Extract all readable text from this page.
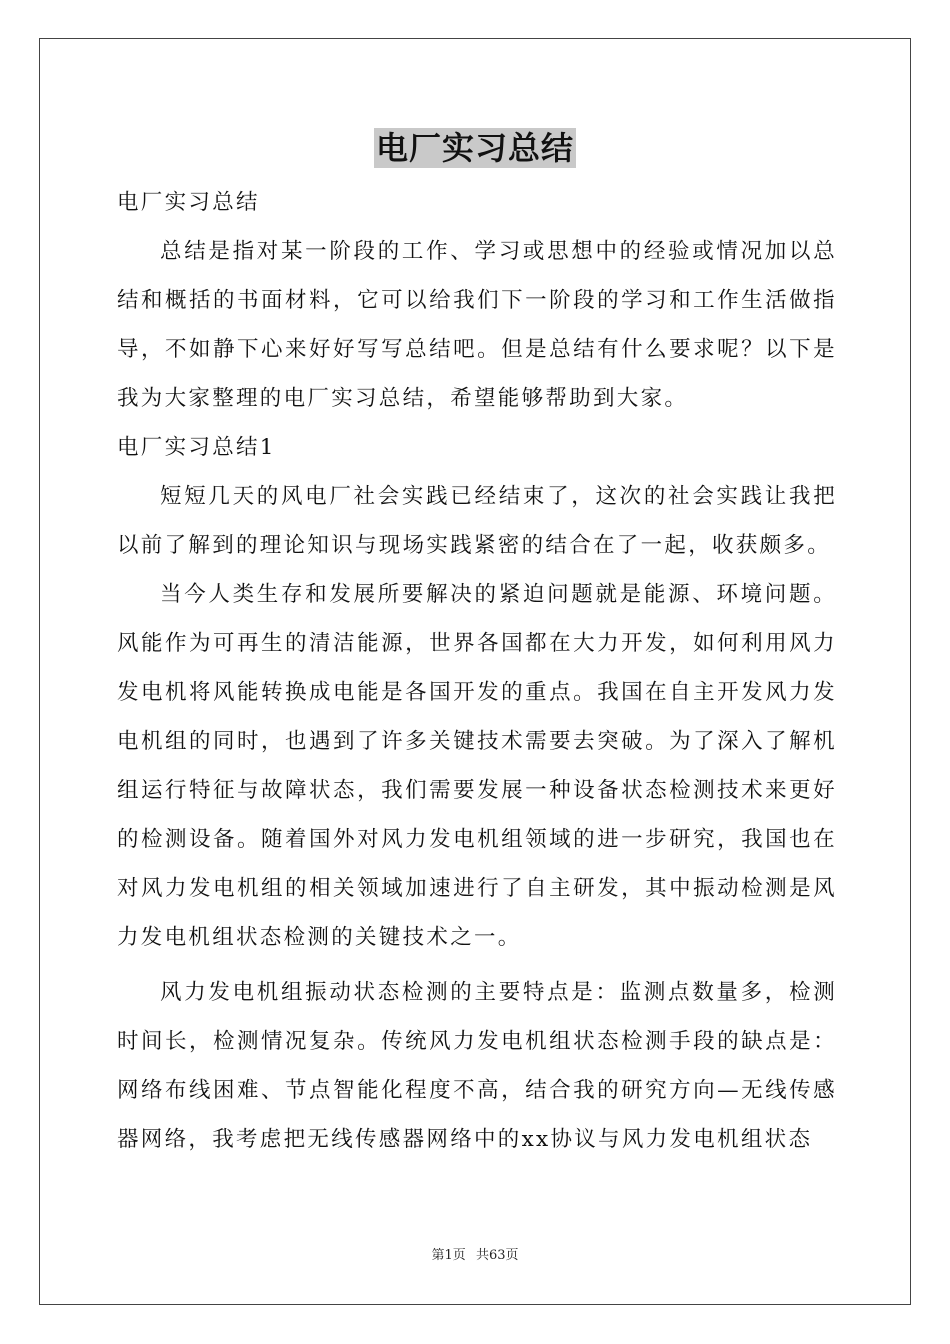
电厂实习总结

电厂实习总结

总结是指对某一阶段的工作、学习或思想中的经验或情况加以总结和概括的书面材料，它可以给我们下一阶段的学习和工作生活做指导，不如静下心来好好写写总结吧。但是总结有什么要求呢？以下是我为大家整理的电厂实习总结，希望能够帮助到大家。

电厂实习总结1

短短几天的风电厂社会实践已经结束了，这次的社会实践让我把以前了解到的理论知识与现场实践紧密的结合在了一起，收获颇多。

当今人类生存和发展所要解决的紧迫问题就是能源、环境问题。风能作为可再生的清洁能源，世界各国都在大力开发，如何利用风力发电机将风能转换成电能是各国开发的重点。我国在自主开发风力发电机组的同时，也遇到了许多关键技术需要去突破。为了深入了解机组运行特征与故障状态，我们需要发展一种设备状态检测技术来更好的检测设备。随着国外对风力发电机组领域的进一步研究，我国也在对风力发电机组的相关领域加速进行了自主研发，其中振动检测是风力发电机组状态检测的关键技术之一。

风力发电机组振动状态检测的主要特点是：监测点数量多，检测时间长，检测情况复杂。传统风力发电机组状态检测手段的缺点是：网络布线困难、节点智能化程度不高，结合我的研究方向—无线传感器网络，我考虑把无线传感器网络中的xx协议与风力发电机组状态

第1页 共63页
